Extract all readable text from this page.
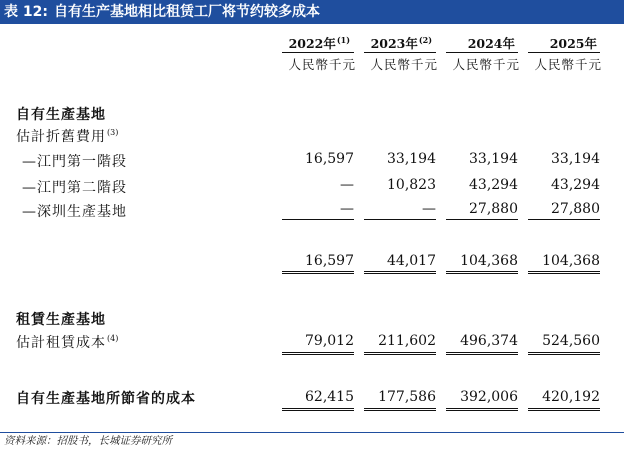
表 12: 自有生产基地相比租赁工厂将节约较多成本
2022年$^{(1)}$	2023年$^{(2)}$	2024年	2025年
人民幣千元	人民幣千元	人民幣千元	人民幣千元
自有生產基地
估計折舊費用$^{(3)}$
—江門第一階段	16,597	33,194	33,194	33,194
—江門第二階段	—	10,823	43,294	43,294
—深圳生產基地	—	—	27,880	27,880
16,597	44,017	104,368	104,368
租賃生產基地
估計租賃成本$^{(4)}$	79,012	211,602	496,374	524,560
自有生產基地所節省的成本	62,415	177,586	392,006	420,192
资料来源：招股书，长城证券研究所
